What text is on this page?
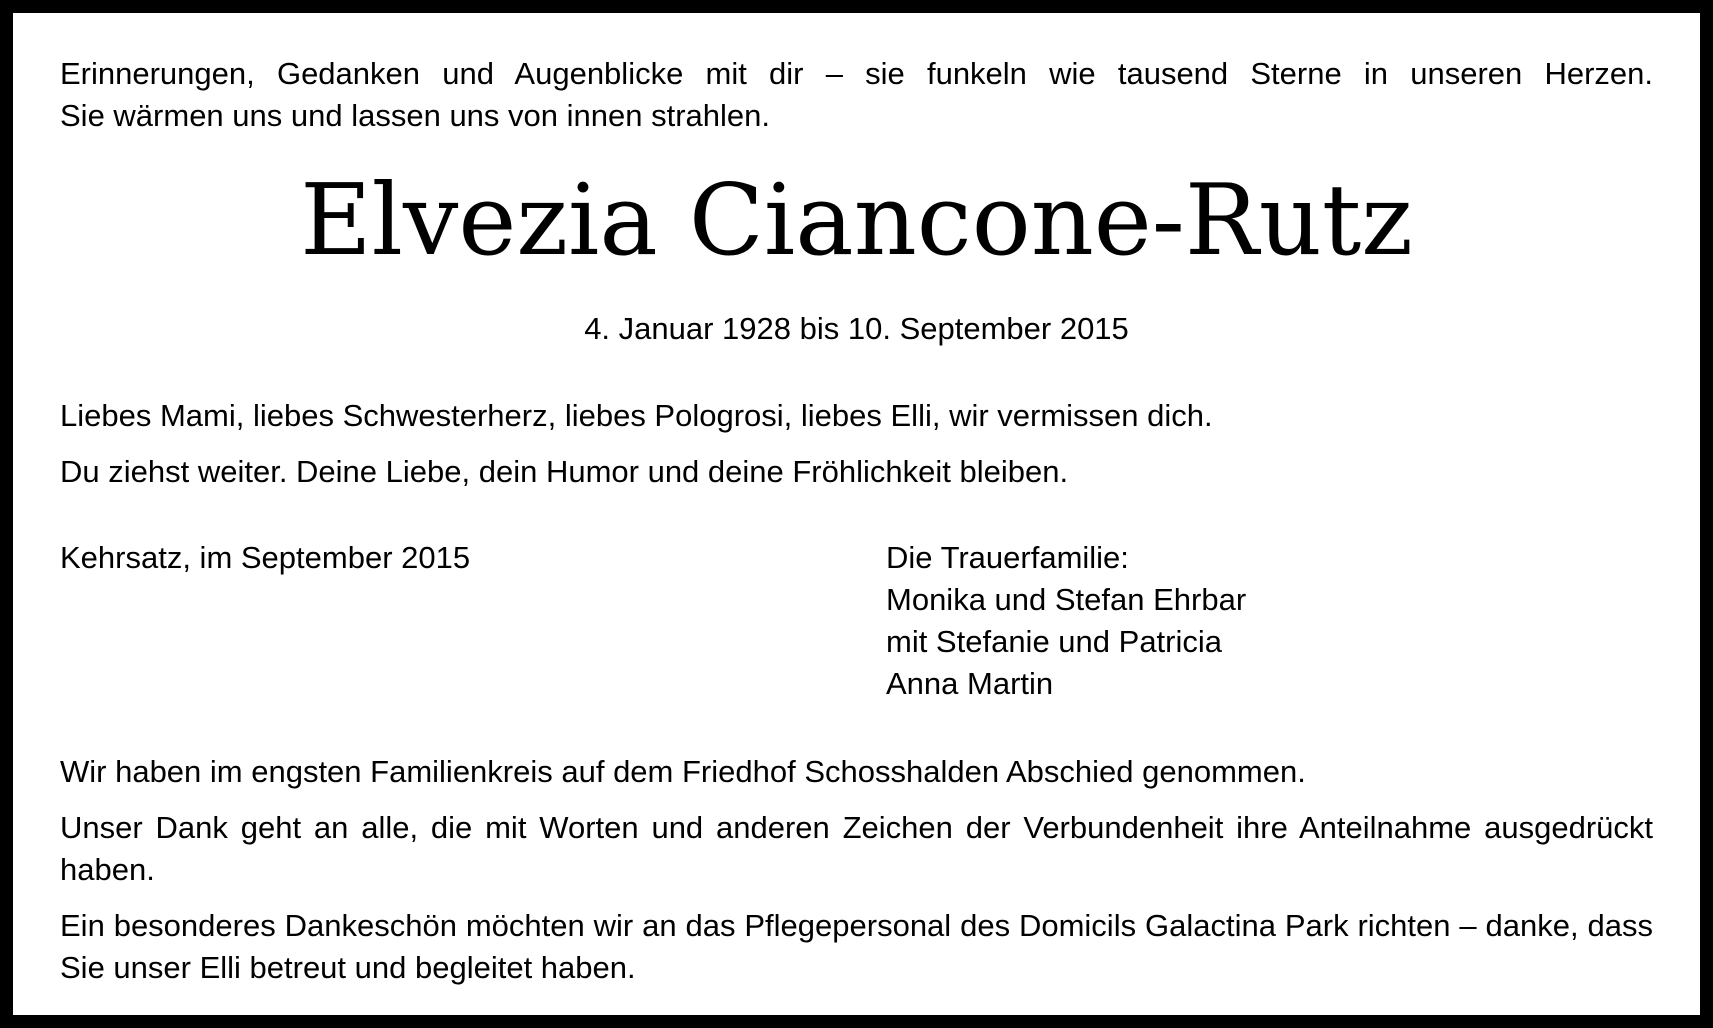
Erinnerungen, Gedanken und Augenblicke mit dir – sie funkeln wie tausend Sterne in unseren Herzen.
Sie wärmen uns und lassen uns von innen strahlen.
Elvezia Ciancone-Rutz
4. Januar 1928 bis 10. September 2015

Liebes Mami, liebes Schwesterherz, liebes Pologrosi, liebes Elli, wir vermissen dich.

Du ziehst weiter. Deine Liebe, dein Humor und deine Fröhlichkeit bleiben.

Kehrsatz, im September 2015	Die Trauerfamilie:
Monika und Stefan Ehrbar
mit Stefanie und Patricia
Anna Martin

Wir haben im engsten Familienkreis auf dem Friedhof Schosshalden Abschied genommen.

Unser Dank geht an alle, die mit Worten und anderen Zeichen der Verbundenheit ihre Anteilnahme ausgedrückt haben.

Ein besonderes Dankeschön möchten wir an das Pflegepersonal des Domicils Galactina Park richten – danke, dass Sie unser Elli betreut und begleitet haben.
